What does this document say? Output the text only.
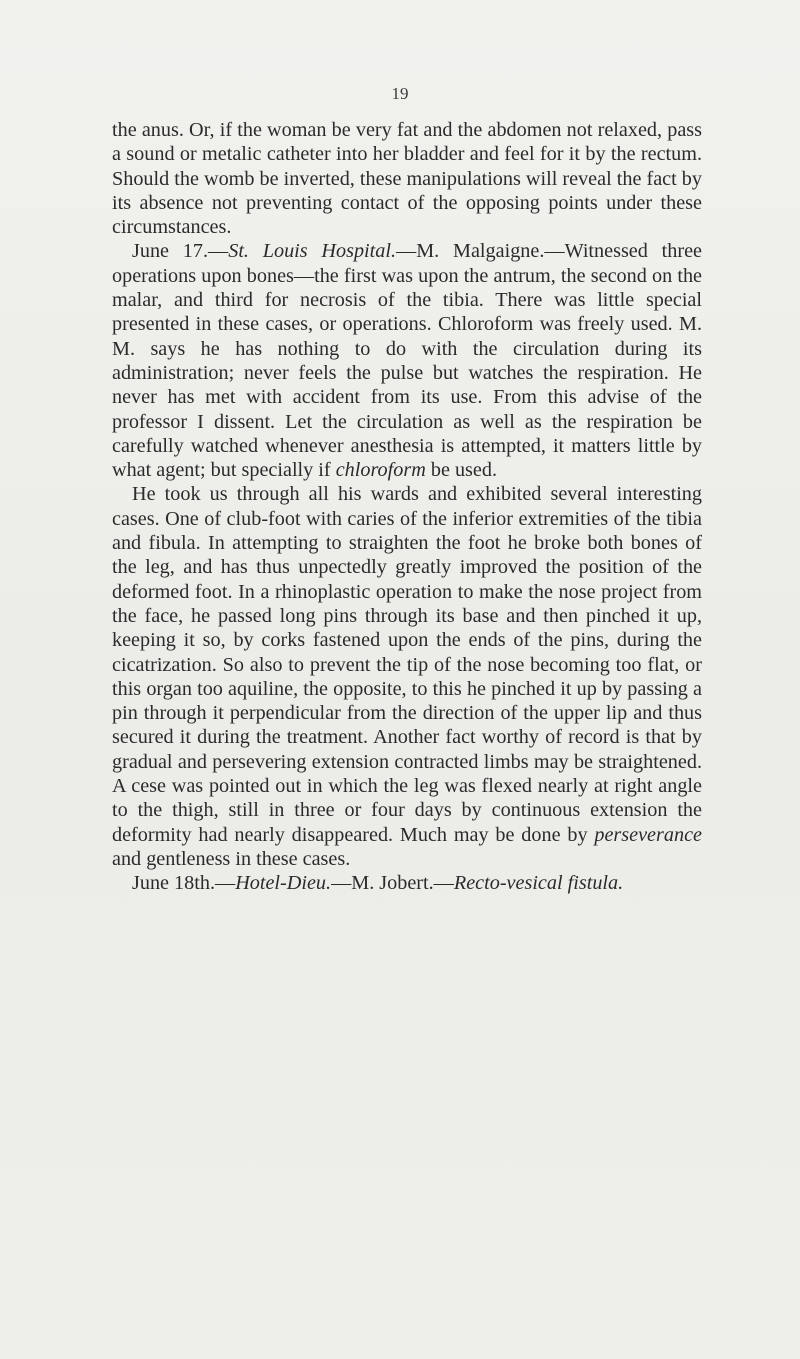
19

the anus. Or, if the woman be very fat and the abdomen not relaxed, pass a sound or metalic catheter into her bladder and feel for it by the rectum. Should the womb be inverted, these manipulations will reveal the fact by its absence not preventing contact of the opposing points under these circumstances.

June 17.—St. Louis Hospital.—M. Malgaigne.—Witnessed three operations upon bones—the first was upon the antrum, the second on the malar, and third for necrosis of the tibia. There was little special presented in these cases, or operations. Chloroform was freely used. M. M. says he has nothing to do with the circulation during its administration; never feels the pulse but watches the respiration. He never has met with accident from its use. From this advise of the professor I dissent. Let the circulation as well as the respiration be carefully watched whenever anesthesia is attempted, it matters little by what agent; but specially if chloroform be used.

He took us through all his wards and exhibited several interesting cases. One of club-foot with caries of the inferior extremities of the tibia and fibula. In attempting to straighten the foot he broke both bones of the leg, and has thus unpectedly greatly improved the position of the deformed foot. In a rhinoplastic operation to make the nose project from the face, he passed long pins through its base and then pinched it up, keeping it so, by corks fastened upon the ends of the pins, during the cicatrization. So also to prevent the tip of the nose becoming too flat, or this organ too aquiline, the opposite, to this he pinched it up by passing a pin through it perpendicular from the direction of the upper lip and thus secured it during the treatment. Another fact worthy of record is that by gradual and persevering extension contracted limbs may be straightened. A cese was pointed out in which the leg was flexed nearly at right angle to the thigh, still in three or four days by continuous extension the deformity had nearly disappeared. Much may be done by perseverance and gentleness in these cases.

June 18th.—Hotel-Dieu.—M. Jobert.—Recto-vesical fistula.
